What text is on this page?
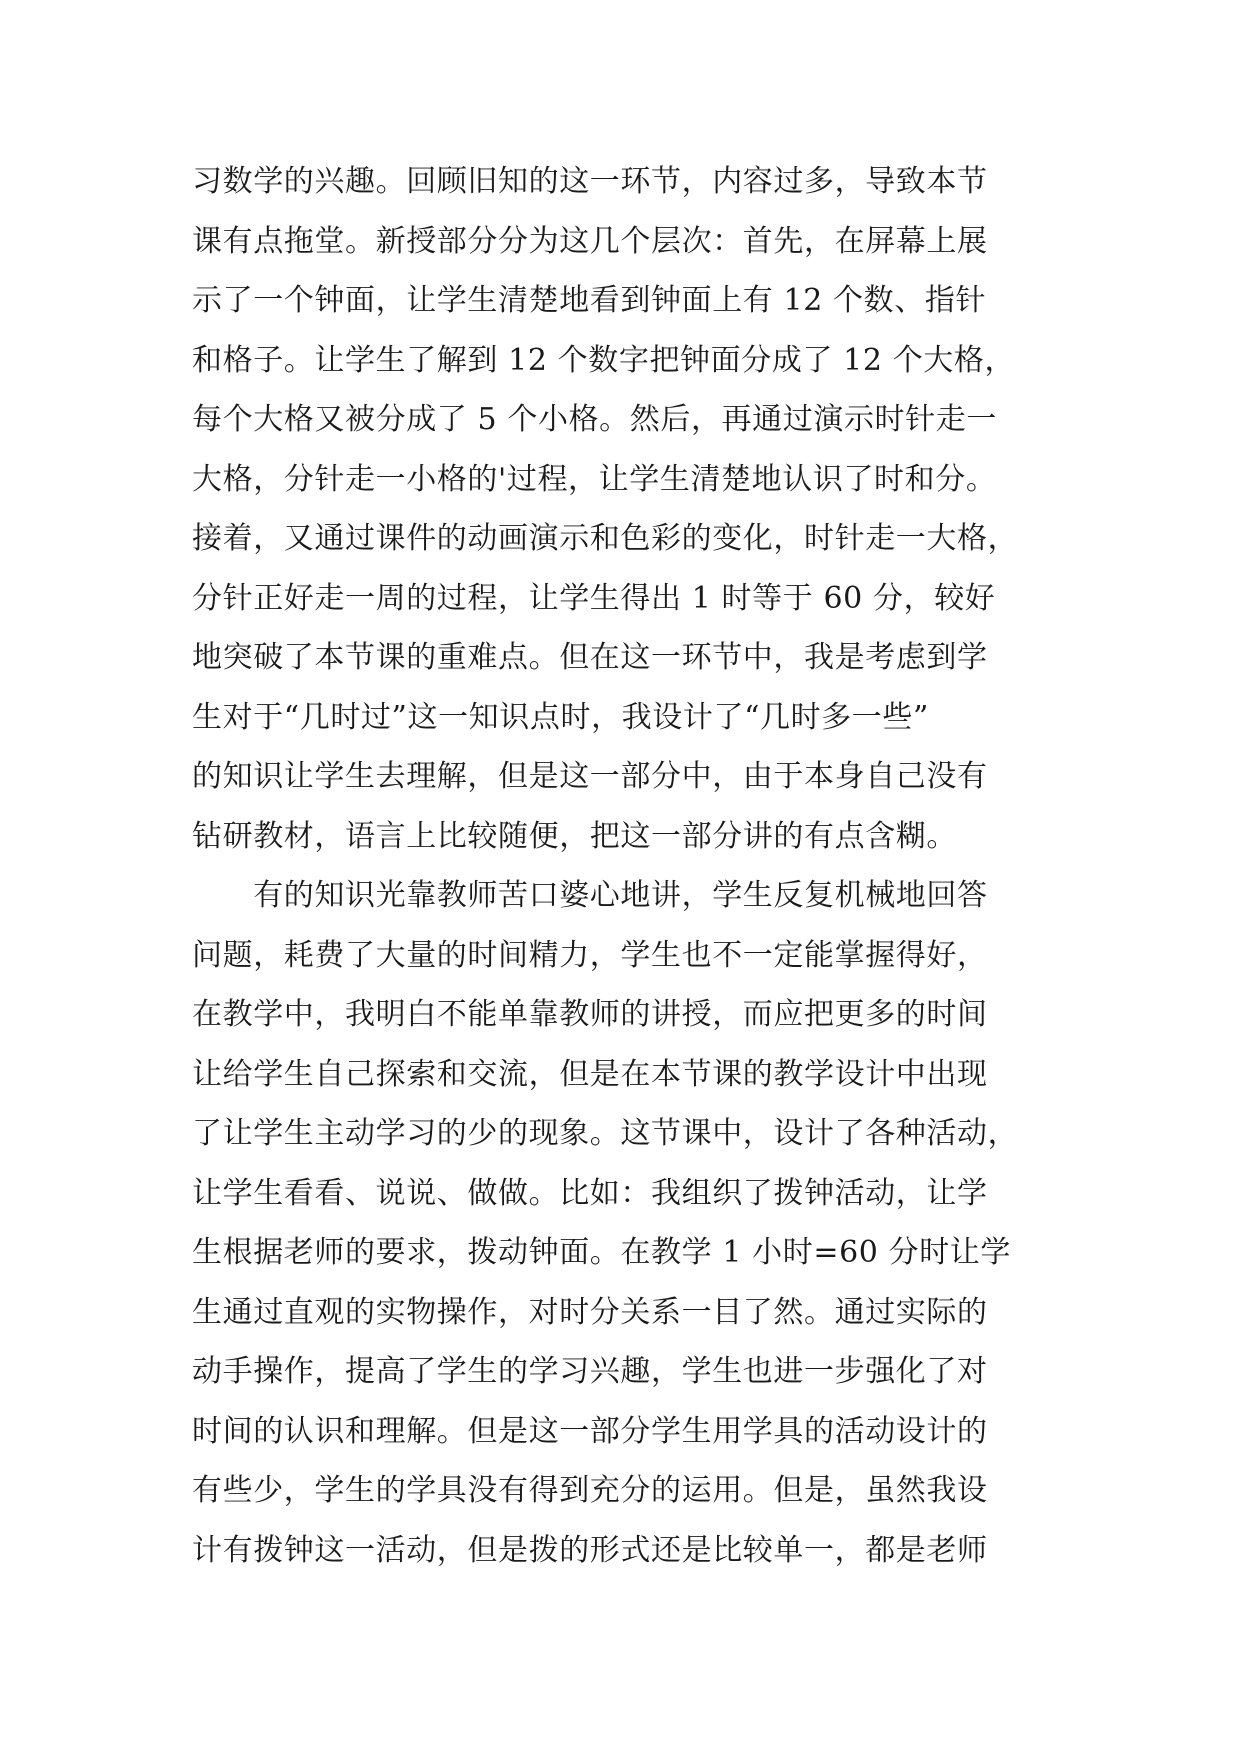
习数学的兴趣。回顾旧知的这一环节，内容过多，导致本节
课有点拖堂。新授部分分为这几个层次：首先，在屏幕上展
示了一个钟面，让学生清楚地看到钟面上有 12 个数、指针
和格子。让学生了解到 12 个数字把钟面分成了 12 个大格，
每个大格又被分成了 5 个小格。然后，再通过演示时针走一
大格，分针走一小格的'过程，让学生清楚地认识了时和分。
接着，又通过课件的动画演示和色彩的变化，时针走一大格，
分针正好走一周的过程，让学生得出 1 时等于 60 分，较好
地突破了本节课的重难点。但在这一环节中，我是考虑到学
生对于“几时过”这一知识点时，我设计了“几时多一些”
的知识让学生去理解，但是这一部分中，由于本身自己没有
钻研教材，语言上比较随便，把这一部分讲的有点含糊。
　　有的知识光靠教师苦口婆心地讲，学生反复机械地回答
问题，耗费了大量的时间精力，学生也不一定能掌握得好，
在教学中，我明白不能单靠教师的讲授，而应把更多的时间
让给学生自己探索和交流，但是在本节课的教学设计中出现
了让学生主动学习的少的现象。这节课中，设计了各种活动，
让学生看看、说说、做做。比如：我组织了拨钟活动，让学
生根据老师的要求，拨动钟面。在教学 1 小时=60 分时让学
生通过直观的实物操作，对时分关系一目了然。通过实际的
动手操作，提高了学生的学习兴趣，学生也进一步强化了对
时间的认识和理解。但是这一部分学生用学具的活动设计的
有些少，学生的学具没有得到充分的运用。但是，虽然我设
计有拨钟这一活动，但是拨的形式还是比较单一，都是老师
